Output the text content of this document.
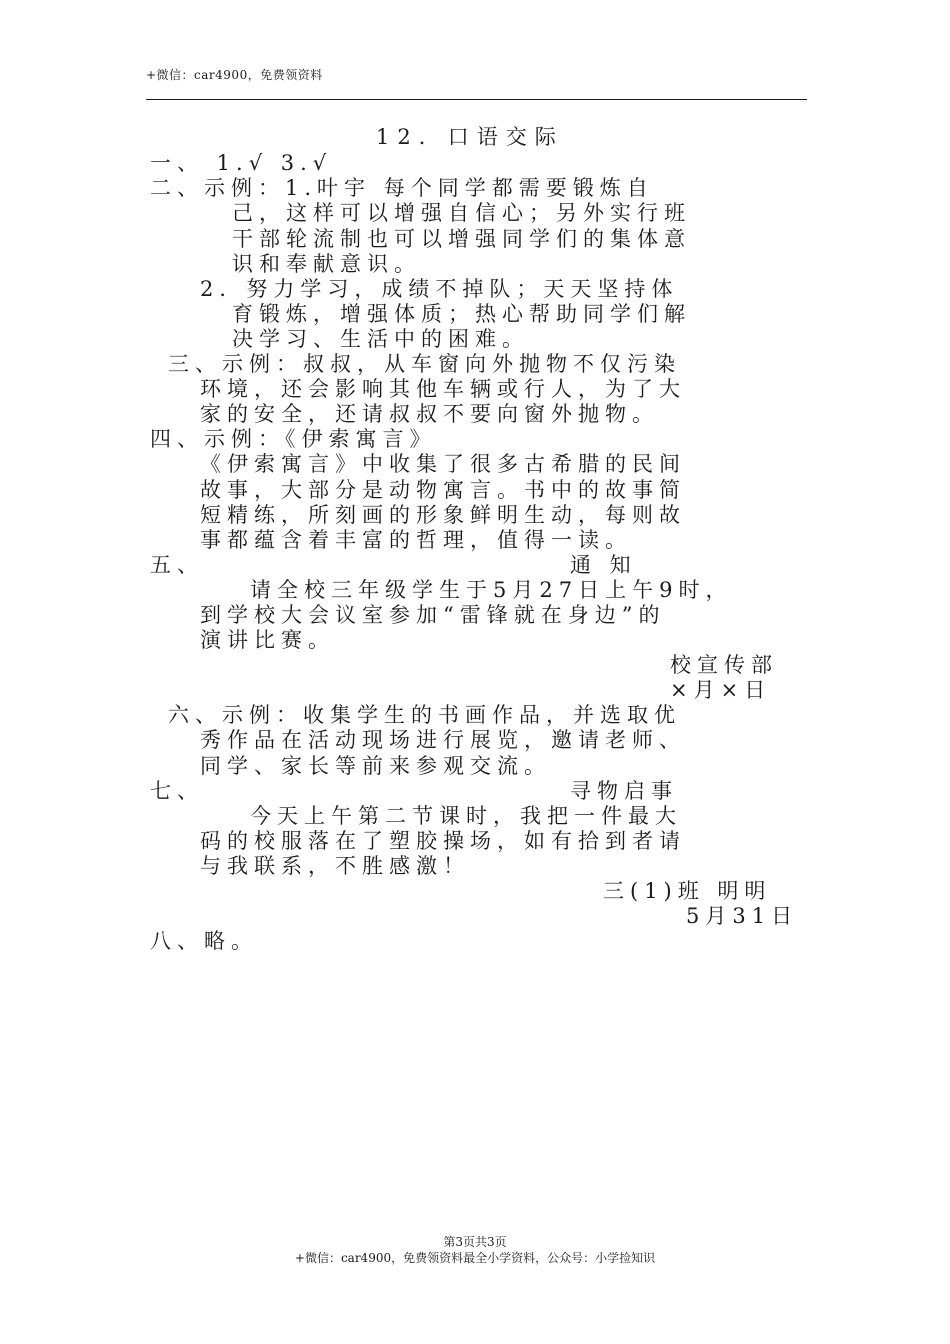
+微信：car4900，免费领资料
12．口语交际
一、 1.√ 3.√
二、示例：1.叶宇 每个同学都需要锻炼自
己，这样可以增强自信心；另外实行班
干部轮流制也可以增强同学们的集体意
识和奉献意识。
2．努力学习，成绩不掉队；天天坚持体
育锻炼，增强体质；热心帮助同学们解
决学习、生活中的困难。
三、示例：叔叔，从车窗向外抛物不仅污染
环境，还会影响其他车辆或行人，为了大
家的安全，还请叔叔不要向窗外抛物。
四、示例：《伊索寓言》
《伊索寓言》中收集了很多古希腊的民间
故事，大部分是动物寓言。书中的故事简
短精练，所刻画的形象鲜明生动，每则故
事都蕴含着丰富的哲理，值得一读。
五、	通 知
请全校三年级学生于5月27日上午9时，
到学校大会议室参加“雷锋就在身边”的
演讲比赛。
校宣传部
×月×日
六、示例：收集学生的书画作品，并选取优
秀作品在活动现场进行展览，邀请老师、
同学、家长等前来参观交流。
七、	寻物启事
今天上午第二节课时，我把一件最大
码的校服落在了塑胶操场，如有拾到者请
与我联系，不胜感激！
三(1)班 明明
5月31日
八、略。
第3页共3页
+微信：car4900，免费领资料最全小学资料，公众号：小学捡知识
